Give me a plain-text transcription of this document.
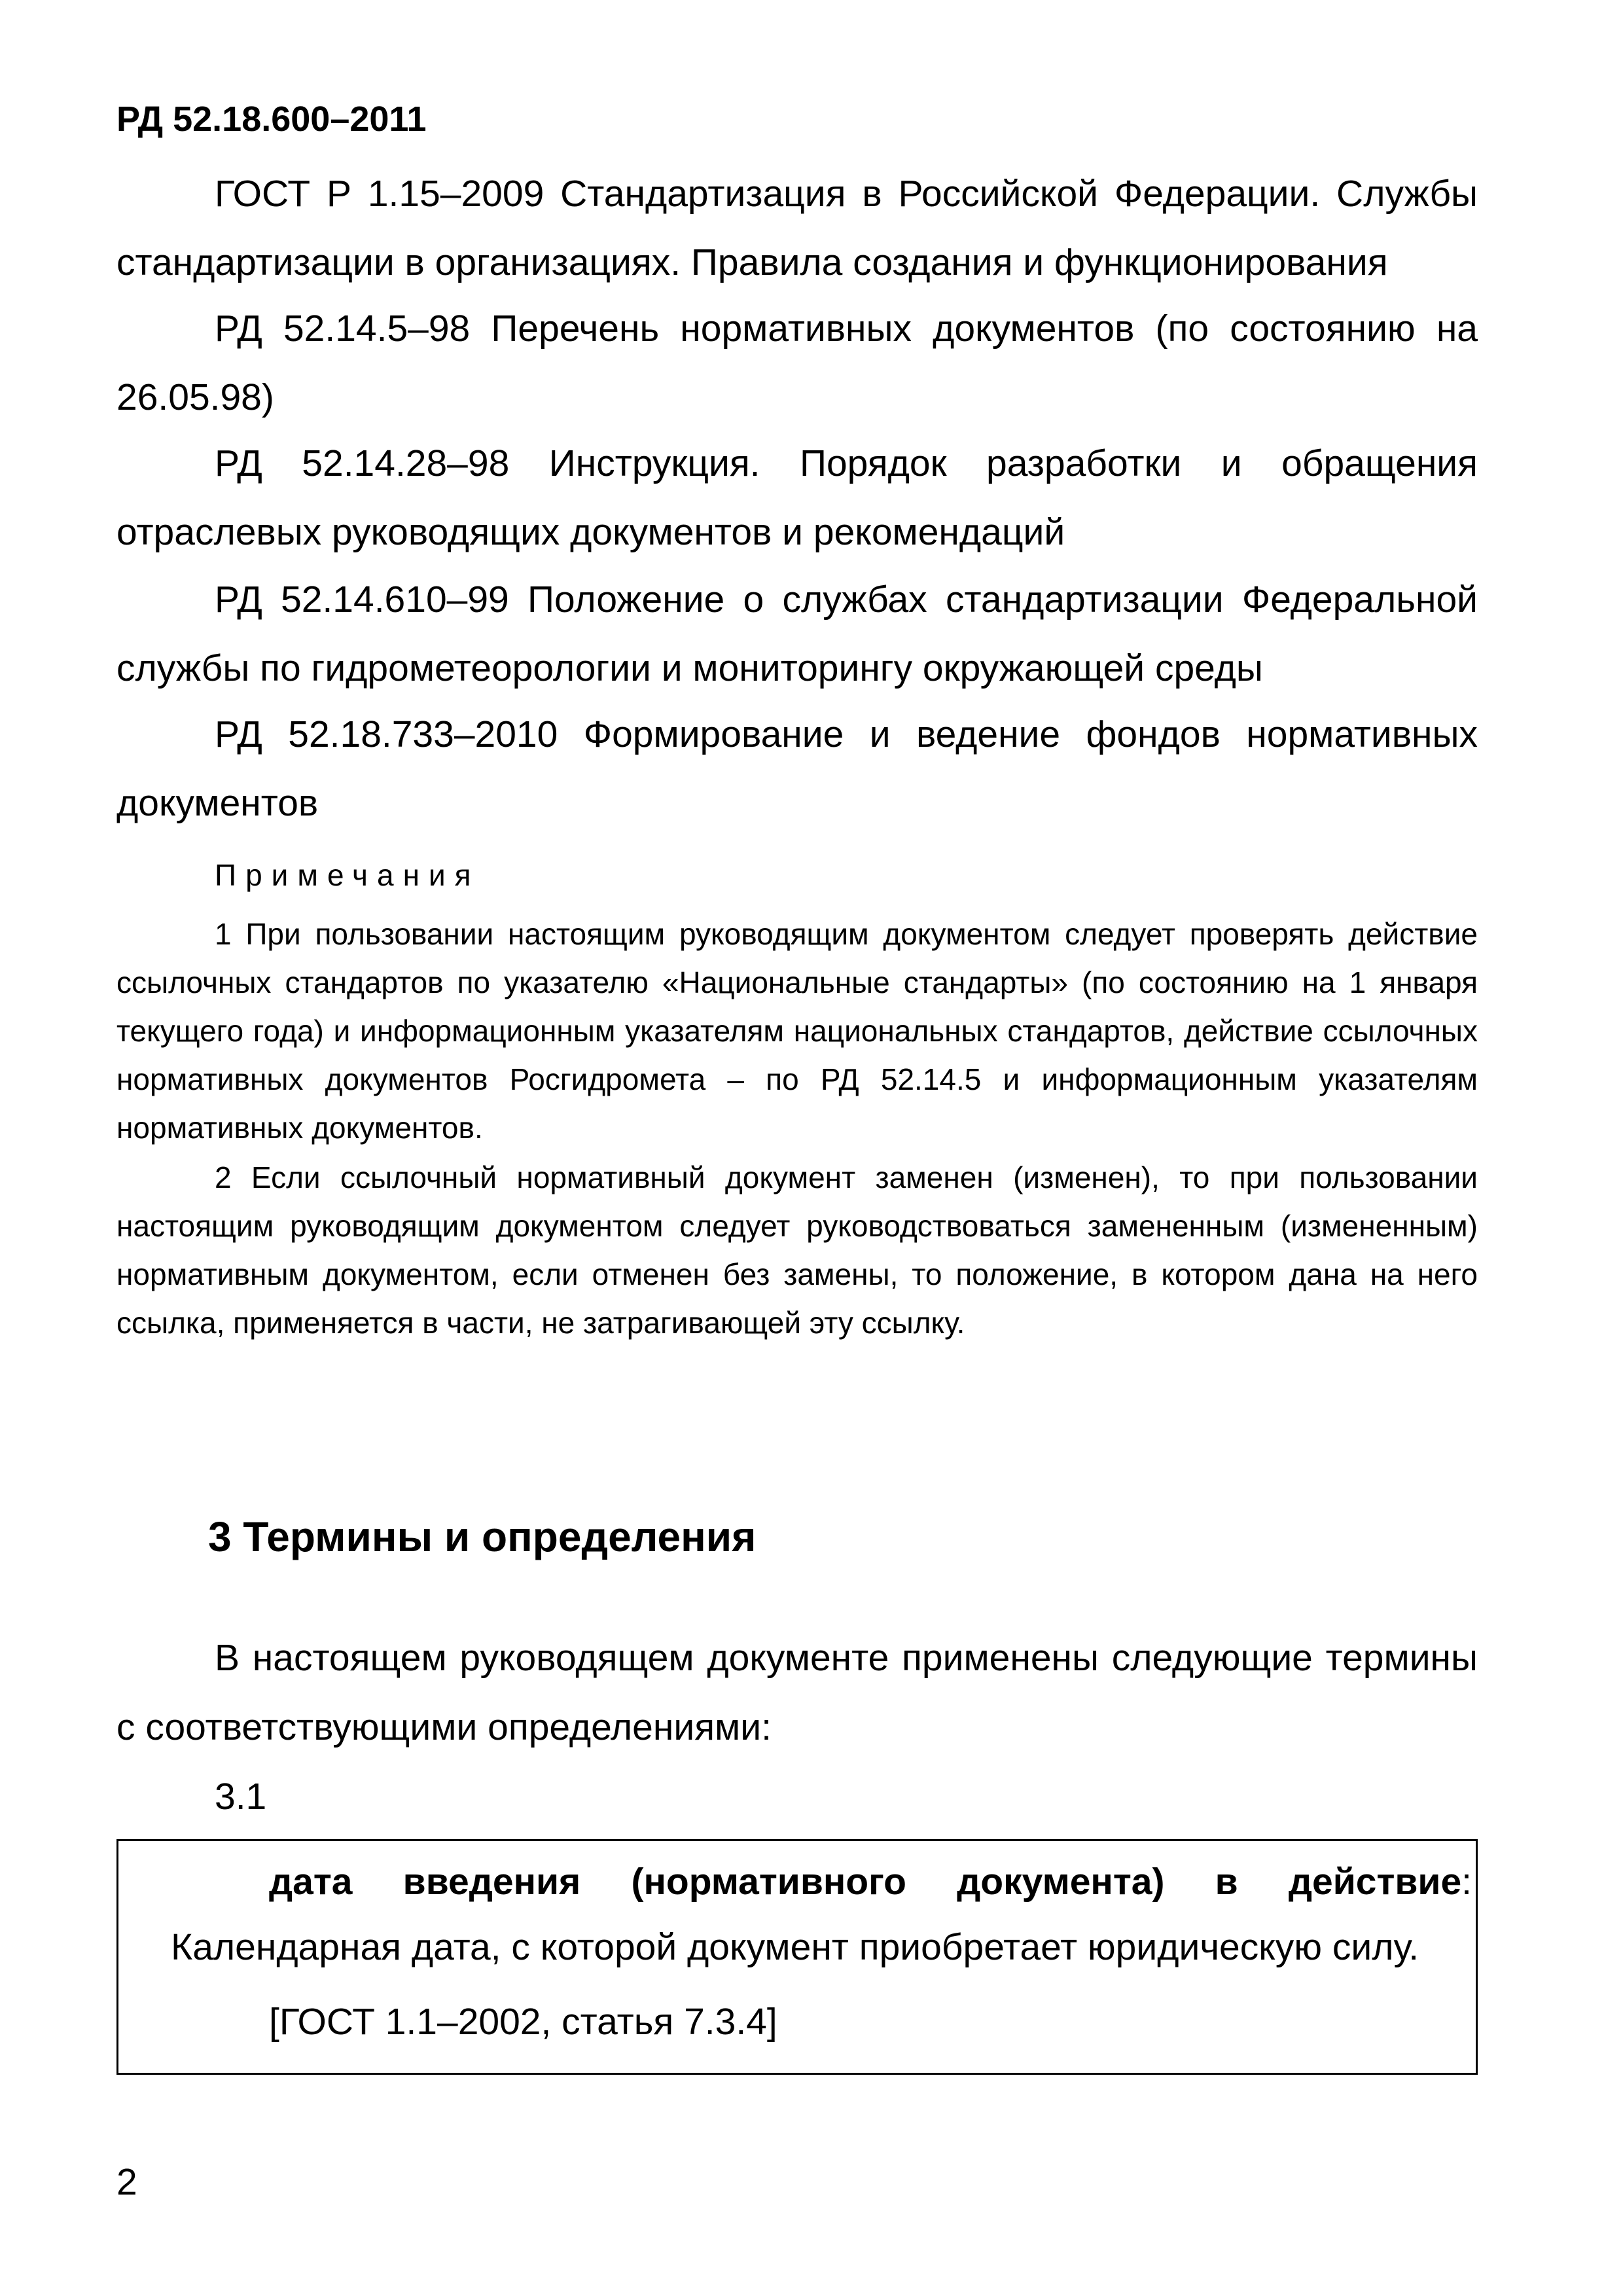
РД 52.18.600–2011

ГОСТ Р 1.15–2009 Стандартизация в Российской Федерации. Службы стандартизации в организациях. Правила создания и функционирования

РД 52.14.5–98 Перечень нормативных документов (по состоянию на 26.05.98)

РД 52.14.28–98 Инструкция. Порядок разработки и обращения отраслевых руководящих документов и рекомендаций

РД 52.14.610–99 Положение о службах стандартизации Федеральной службы по гидрометеорологии и мониторингу окружающей среды

РД 52.18.733–2010 Формирование и ведение фондов нормативных документов

Примечания

1 При пользовании настоящим руководящим документом следует проверять действие ссылочных стандартов по указателю «Национальные стандарты» (по состоянию на 1 января текущего года) и информационным указателям национальных стандартов, действие ссылочных нормативных документов Росгидромета – по РД 52.14.5 и информационным указателям нормативных документов.

2 Если ссылочный нормативный документ заменен (изменен), то при пользовании настоящим руководящим документом следует руководствоваться замененным (измененным) нормативным документом, если отменен без замены, то положение, в котором дана на него ссылка, применяется в части, не затрагивающей эту ссылку.

3 Термины и определения

В настоящем руководящем документе применены следующие термины с соответствующими определениями:

3.1

дата введения (нормативного документа) в действие: Календарная дата, с которой документ приобретает юридическую силу.

[ГОСТ 1.1–2002, статья 7.3.4]

2
